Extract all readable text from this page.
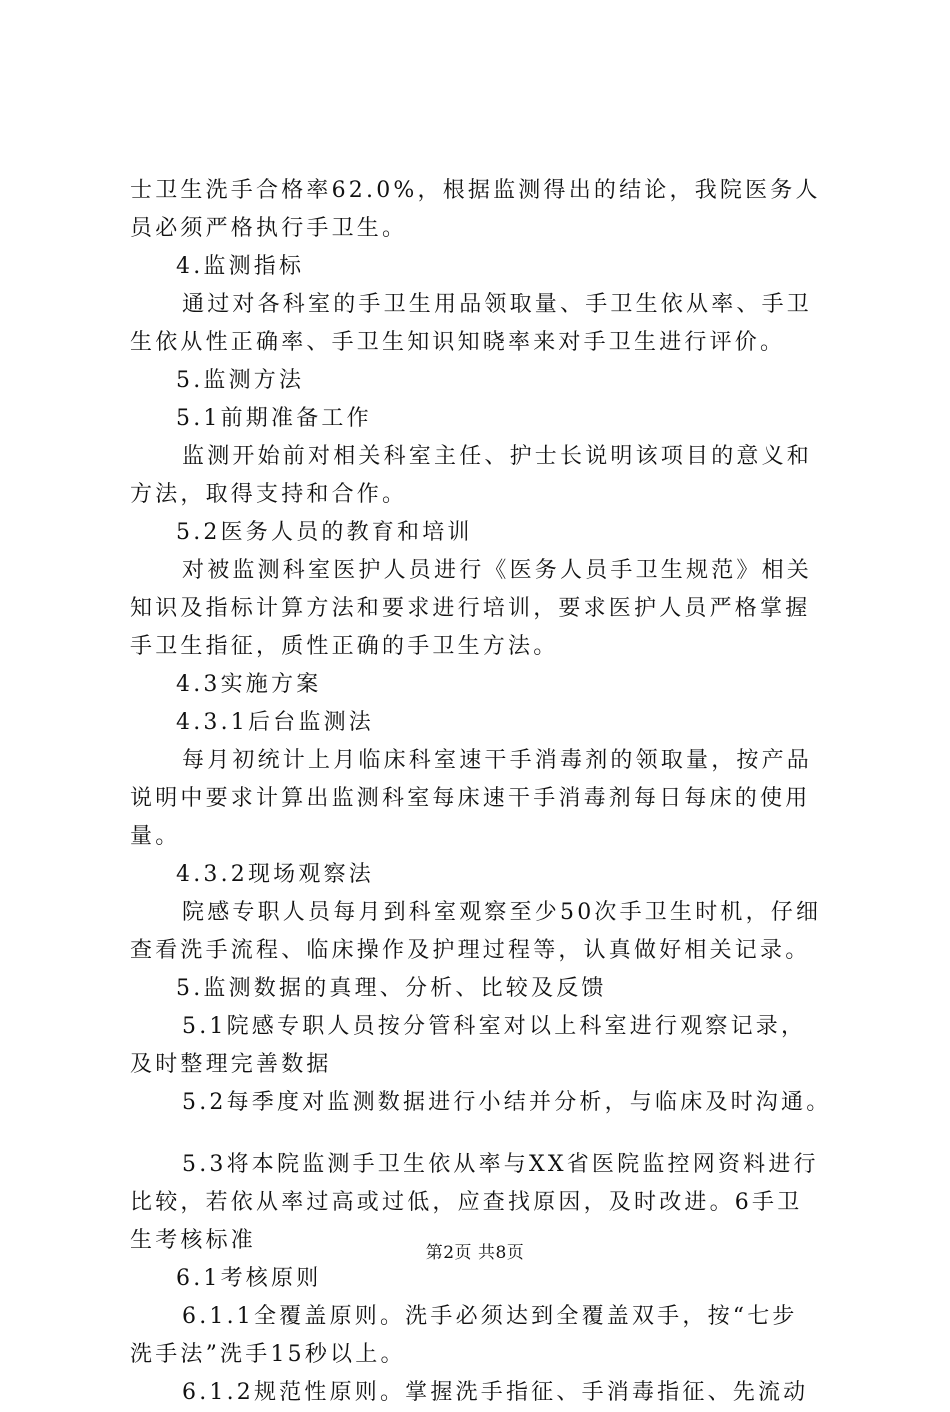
士卫生洗手合格率62.0%，根据监测得出的结论，我院医务人
员必须严格执行手卫生。
4.监测指标
通过对各科室的手卫生用品领取量、手卫生依从率、手卫
生依从性正确率、手卫生知识知晓率来对手卫生进行评价。
5.监测方法
5.1前期准备工作
监测开始前对相关科室主任、护士长说明该项目的意义和
方法，取得支持和合作。
5.2医务人员的教育和培训
对被监测科室医护人员进行《医务人员手卫生规范》相关
知识及指标计算方法和要求进行培训，要求医护人员严格掌握
手卫生指征，质性正确的手卫生方法。
4.3实施方案
4.3.1后台监测法
每月初统计上月临床科室速干手消毒剂的领取量，按产品
说明中要求计算出监测科室每床速干手消毒剂每日每床的使用
量。
4.3.2现场观察法
院感专职人员每月到科室观察至少50次手卫生时机，仔细
查看洗手流程、临床操作及护理过程等，认真做好相关记录。
5.监测数据的真理、分析、比较及反馈
5.1院感专职人员按分管科室对以上科室进行观察记录，
及时整理完善数据
5.2每季度对监测数据进行小结并分析，与临床及时沟通。
5.3将本院监测手卫生依从率与XX省医院监控网资料进行
比较，若依从率过高或过低，应查找原因，及时改进。6手卫
生考核标准
6.1考核原则
6.1.1全覆盖原则。洗手必须达到全覆盖双手，按“七步
洗手法”洗手15秒以上。
6.1.2规范性原则。掌握洗手指征、手消毒指征、先流动
第2页 共8页
